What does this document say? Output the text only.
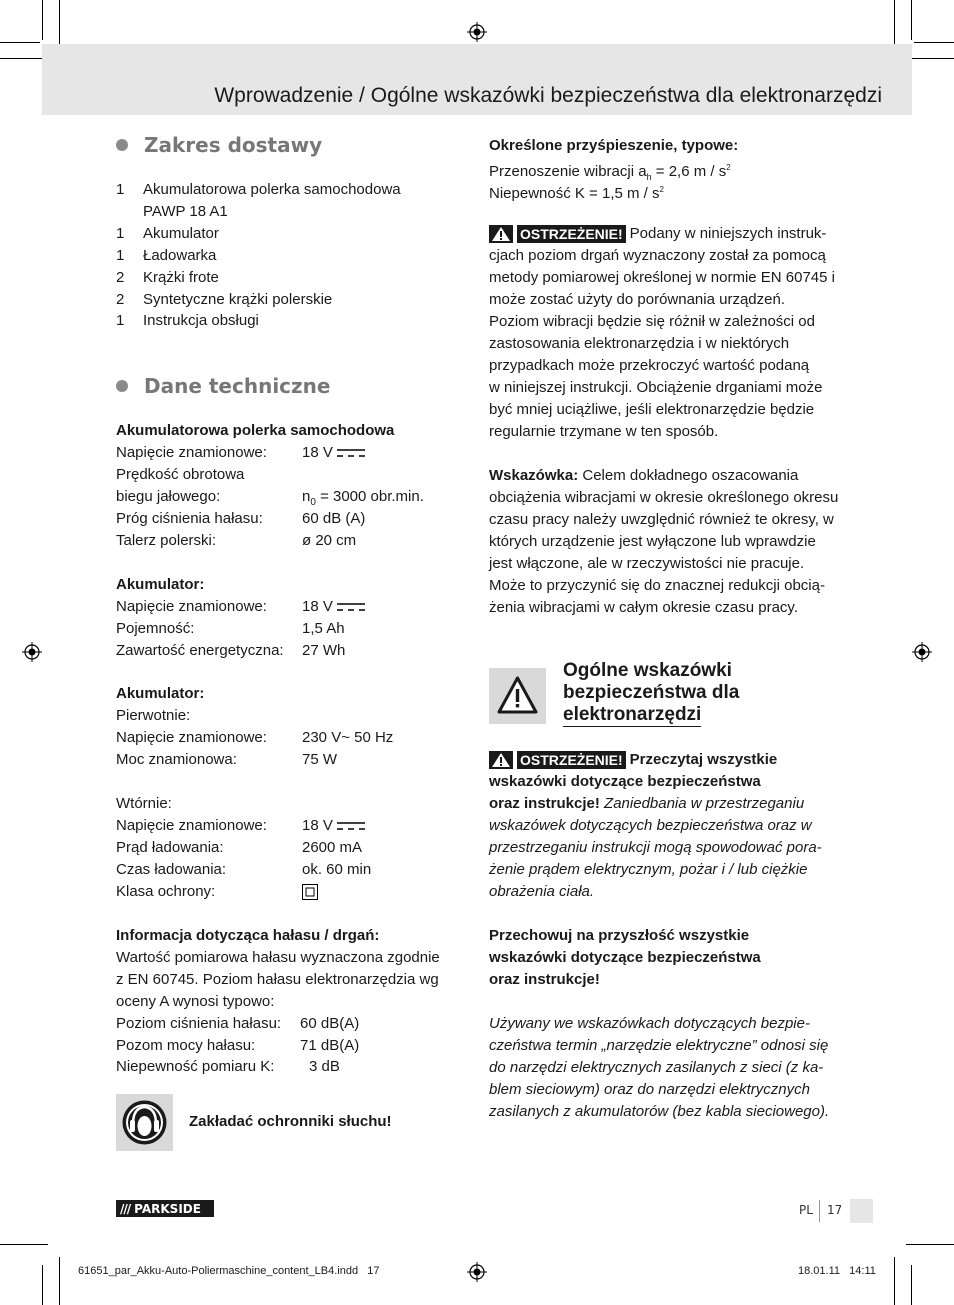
Wprowadzenie / Ogólne wskazówki bezpieczeństwa dla elektronarzędzi
Zakres dostawy
1	Akumulatorowa polerka samochodowa
PAWP 18 A1
1	Akumulator
1	Ładowarka
2	Krążki frote
2	Syntetyczne krążki polerskie
1	Instrukcja obsługi
Dane techniczne
Akumulatorowa polerka samochodowa
Napięcie znamionowe: 18 V
Prędkość obrotowa
biegu jałowego:	$n_0 = 3000$ obr.min.
Próg ciśnienia hałasu:	60 dB (A)
Talerz polerski:	ø 20 cm
Akumulator:
Napięcie znamionowe: 18 V
Pojemność:	1,5 Ah
Zawartość energetyczna: 27 Wh
Akumulator:
Pierwotnie:
Napięcie znamionowe: 230 V~ 50 Hz
Moc znamionowa:	75 W
Wtórnie:
Napięcie znamionowe: 18 V
Prąd ładowania:	2600 mA
Czas ładowania:	ok. 60 min
Klasa ochrony:
Informacja dotycząca hałasu / drgań:
Wartość pomiarowa hałasu wyznaczona zgodnie
z EN 60745. Poziom hałasu elektronarzędzia wg
oceny A wynosi typowo:
Poziom ciśnienia hałasu: 60 dB(A)
Pozom mocy hałasu:	71 dB(A)
Niepewność pomiaru K: 3 dB
Zakładać ochronniki słuchu!
Określone przyśpieszenie, typowe:
Przenoszenie wibracji $a_h = 2,6$ m / $s^2$
Niepewność K = 1,5 m / $s^2$
OSTRZEŻENIE! Podany w niniejszych instruk-
cjach poziom drgań wyznaczony został za pomocą
metody pomiarowej określonej w normie EN 60745 i
może zostać użyty do porównania urządzeń.
Poziom wibracji będzie się różnił w zależności od
zastosowania elektronarzędzia i w niektórych
przypadkach może przekroczyć wartość podaną
w niniejszej instrukcji. Obciążenie drganiami może
być mniej uciążliwe, jeśli elektronarzędzie będzie
regularnie trzymane w ten sposób.
Wskazówka: Celem dokładnego oszacowania
obciążenia wibracjami w okresie określonego okresu
czasu pracy należy uwzględnić również te okresy, w
których urządzenie jest wyłączone lub wprawdzie
jest włączone, ale w rzeczywistości nie pracuje.
Może to przyczynić się do znacznej redukcji obcią-
żenia wibracjami w całym okresie czasu pracy.
Ogólne wskazówki
bezpieczeństwa dla
elektronarzędzi
OSTRZEŻENIE! Przeczytaj wszystkie
wskazówki dotyczące bezpieczeństwa
oraz instrukcje! Zaniedbania w przestrzeganiu
wskazówek dotyczących bezpieczeństwa oraz w
przestrzeganiu instrukcji mogą spowodować pora-
żenie prądem elektrycznym, pożar i / lub ciężkie
obrażenia ciała.
Przechowuj na przyszłość wszystkie
wskazówki dotyczące bezpieczeństwa
oraz instrukcje!
Używany we wskazówkach dotyczących bezpie-
czeństwa termin „narzędzie elektryczne” odnosi się
do narzędzi elektrycznych zasilanych z sieci (z ka-
blem sieciowym) oraz do narzędzi elektrycznych
zasilanych z akumulatorów (bez kabla sieciowego).
/// PARKSIDE	PL 17
61651_par_Akku-Auto-Poliermaschine_content_LB4.indd   17	18.01.11   14:11
